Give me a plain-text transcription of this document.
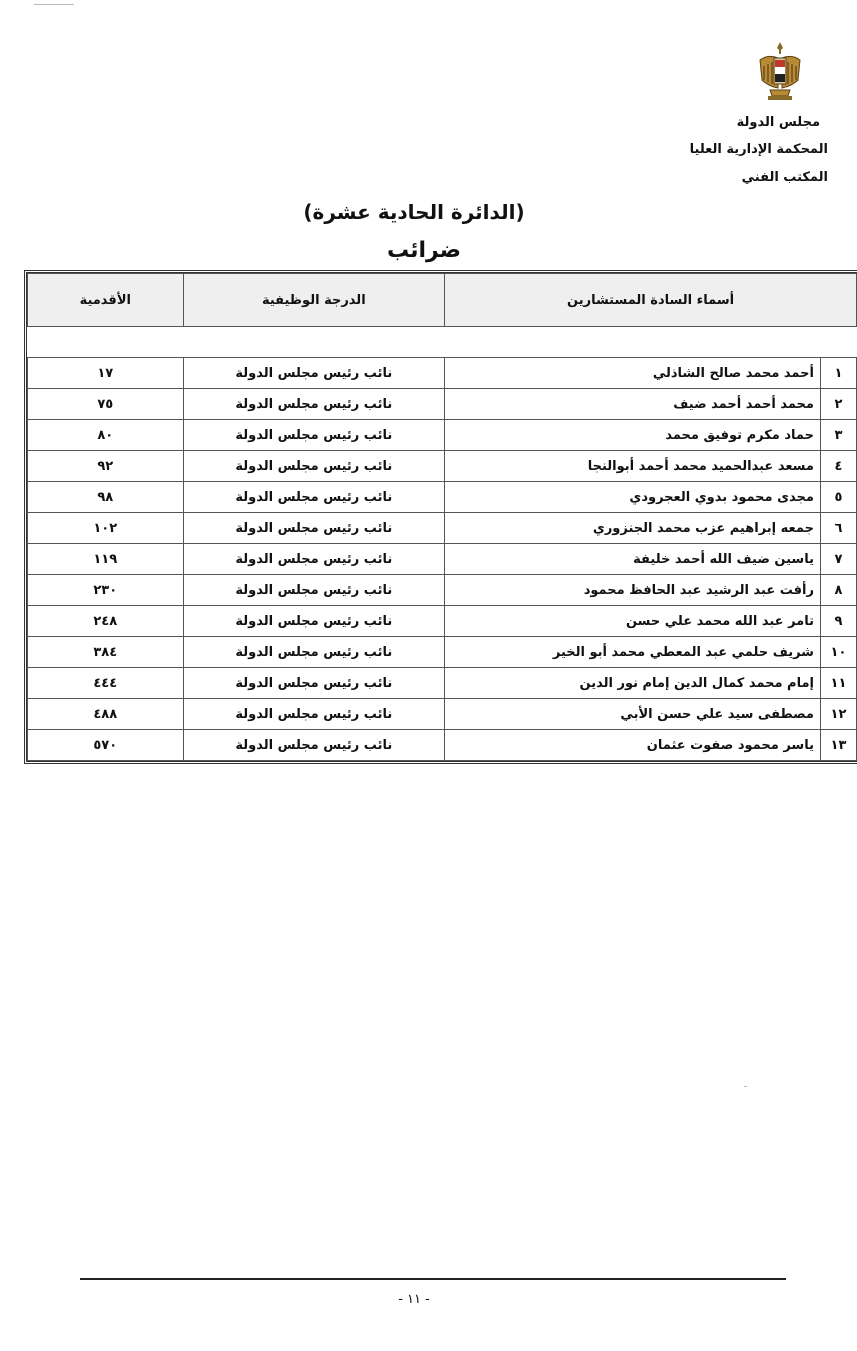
مجلس الدولة
المحكمة الإدارية العليا
المكتب الفني
(الدائرة الحادية عشرة)
ضرائب
أسماء السادة المستشارين		الدرجة الوظيفية	الأقدمية

١	أحمد محمد صالح الشاذلي	نائب رئيس مجلس الدولة	١٧
٢	محمد أحمد أحمد ضيف	نائب رئيس مجلس الدولة	٧٥
٣	حماد مكرم توفيق محمد	نائب رئيس مجلس الدولة	٨٠
٤	مسعد عبدالحميد محمد أحمد أبوالنجا	نائب رئيس مجلس الدولة	٩٢
٥	مجدى محمود بدوي العجرودي	نائب رئيس مجلس الدولة	٩٨
٦	جمعه إبراهيم عزب محمد الجنزوري	نائب رئيس مجلس الدولة	١٠٢
٧	ياسين ضيف الله أحمد خليفة	نائب رئيس مجلس الدولة	١١٩
٨	رأفت عبد الرشيد عبد الحافظ محمود	نائب رئيس مجلس الدولة	٢٣٠
٩	تامر عبد الله محمد علي حسن	نائب رئيس مجلس الدولة	٢٤٨
١٠	شريف حلمي عبد المعطي محمد أبو الخير	نائب رئيس مجلس الدولة	٣٨٤
١١	إمام محمد كمال الدين إمام نور الدين	نائب رئيس مجلس الدولة	٤٤٤
١٢	مصطفى سيد علي حسن الأبي	نائب رئيس مجلس الدولة	٤٨٨
١٣	ياسر محمود صفوت عثمان	نائب رئيس مجلس الدولة	٥٧٠
- ١١ -
